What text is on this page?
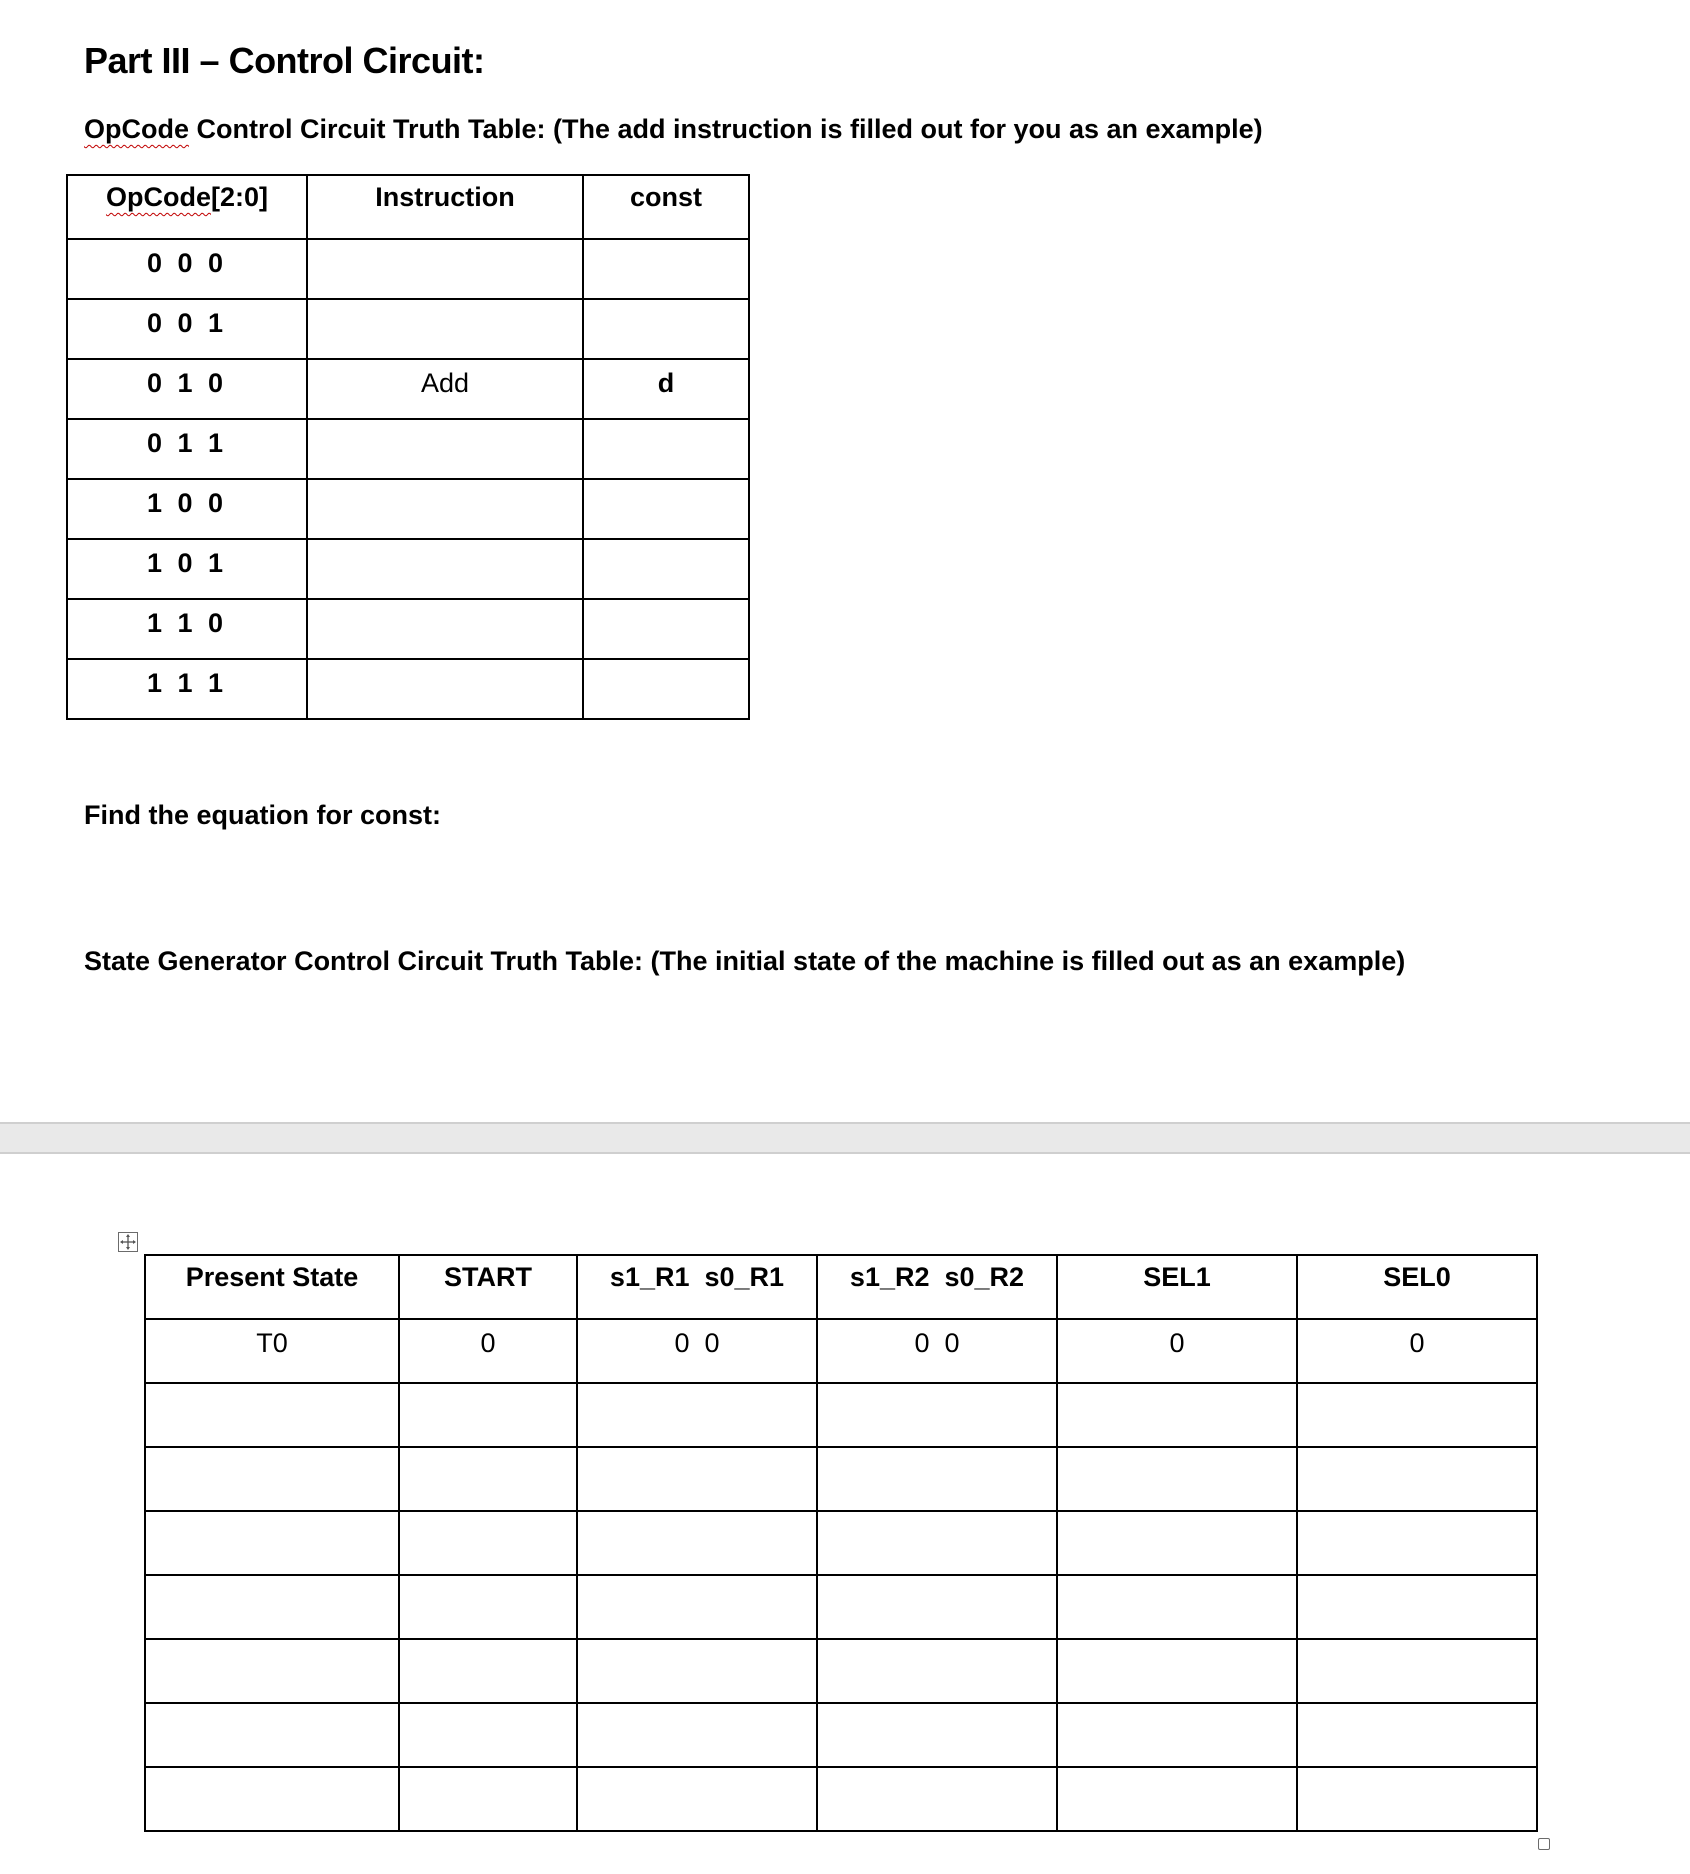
Part III – Control Circuit:

OpCode Control Circuit Truth Table: (The add instruction is filled out for you as an example)

OpCode[2:0]	Instruction	const
0 0 0		
0 0 1		
0 1 0	Add	d
0 1 1		
1 0 0		
1 0 1		
1 1 0		
1 1 1		

Find the equation for const:

State Generator Control Circuit Truth Table: (The initial state of the machine is filled out as an example)

Present State	START	s1_R1  s0_R1	s1_R2  s0_R2	SEL1	SEL0
T0	0	0  0	0  0	0	0
